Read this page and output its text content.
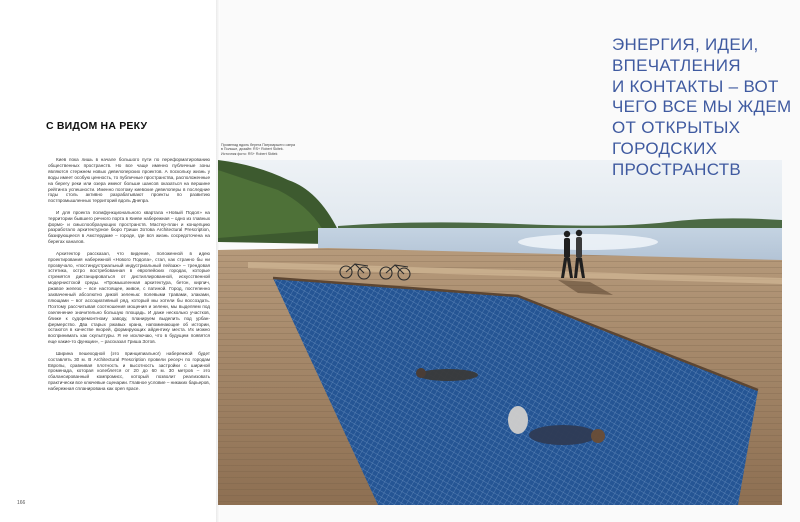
С ВИДОМ НА РЕКУ

Киев пока лишь в начале большого пути по переформатированию общественных пространств. Но все чаще именно публичные зоны являются стержнем новых девелоперских проектов. А поскольку жизнь у воды имеет особую ценность, то публичные пространства, расположенные на берегу реки или озера имеют больше шансов оказаться на вершине рейтинга успешности. Именно поэтому киевские девелоперы в последние годы столь активно разрабатывают проекты по развитию постпромышленных территорий вдоль Днепра.

И для проекта полифункционального квартала «Новый Подол» на территории бывшего речного порта в Киеве набережная – одно из главных формо- и смыслообразующих пространств. Мастер-план и концепцию разработало архитектурное бюро Гриши Зотова Architectural Prescription, базирующееся в Амстердаме – городе, где вся жизнь сосредоточена на берегах каналов.

Архитектор рассказал, что видение, положенной в идею проектирования набережной «Нового Подола», стал, как странно бы ни прозвучало, «постиндустриальный индустриальный пейзаж» – трендовая эстетика, остро востребованная в европейских городах, которые стремятся дистанцироваться от дистиллированной, искусственной модернистской среды. «Промышленная архитектура, бетон, кирпич, ржавое железо – все настоящее, живое, с патиной. Город, постепенно захваченный абсолютно дикой зеленью: полевыми травами, злаками, плющами – вот ассоциативный ряд, который мы хотели бы воссоздать. Поэтому рассчитывая соотношения мощения и зелени, мы выделяем под озеленение значительно большую площадь. И даже несколько участков, ближе к судоремонтному заводу, планируем выделить под урбан-фермерство. Два старых ржавых крана, напоминающие об истории, остаются в качестве якорей, формирующих айдентику места. Их можно воспринимать как скульптуры. Я не исключаю, что в будущем появятся еще какие-то функции», – рассказал Гриша Зотов.

Ширина пешеходной (это принципиально!) набережной будет составлять 30 м. В Architectural Prescription провели ресерч по городам Европы, сравнивая плотность и высотность застройки с шириной променада, которая колеблется от 20 до 60 м. 30 метров – это сбалансированный компромисс, который позволит реализовать практически все ключевые сценарии. Главное условие – никаких барьеров, набережная спланирована как open space.

166
Променад вдоль берега Патриаршего озера
в Польше, дизайн: RS+ Robert Skitek.
Источник фото: RS+ Robert Skitek
ЭНЕРГИЯ, ИДЕИ,
ВПЕЧАТЛЕНИЯ
И КОНТАКТЫ – ВОТ
ЧЕГО ВСЕ МЫ ЖДЕМ
ОТ ОТКРЫТЫХ
ГОРОДСКИХ
ПРОСТРАНСТВ
